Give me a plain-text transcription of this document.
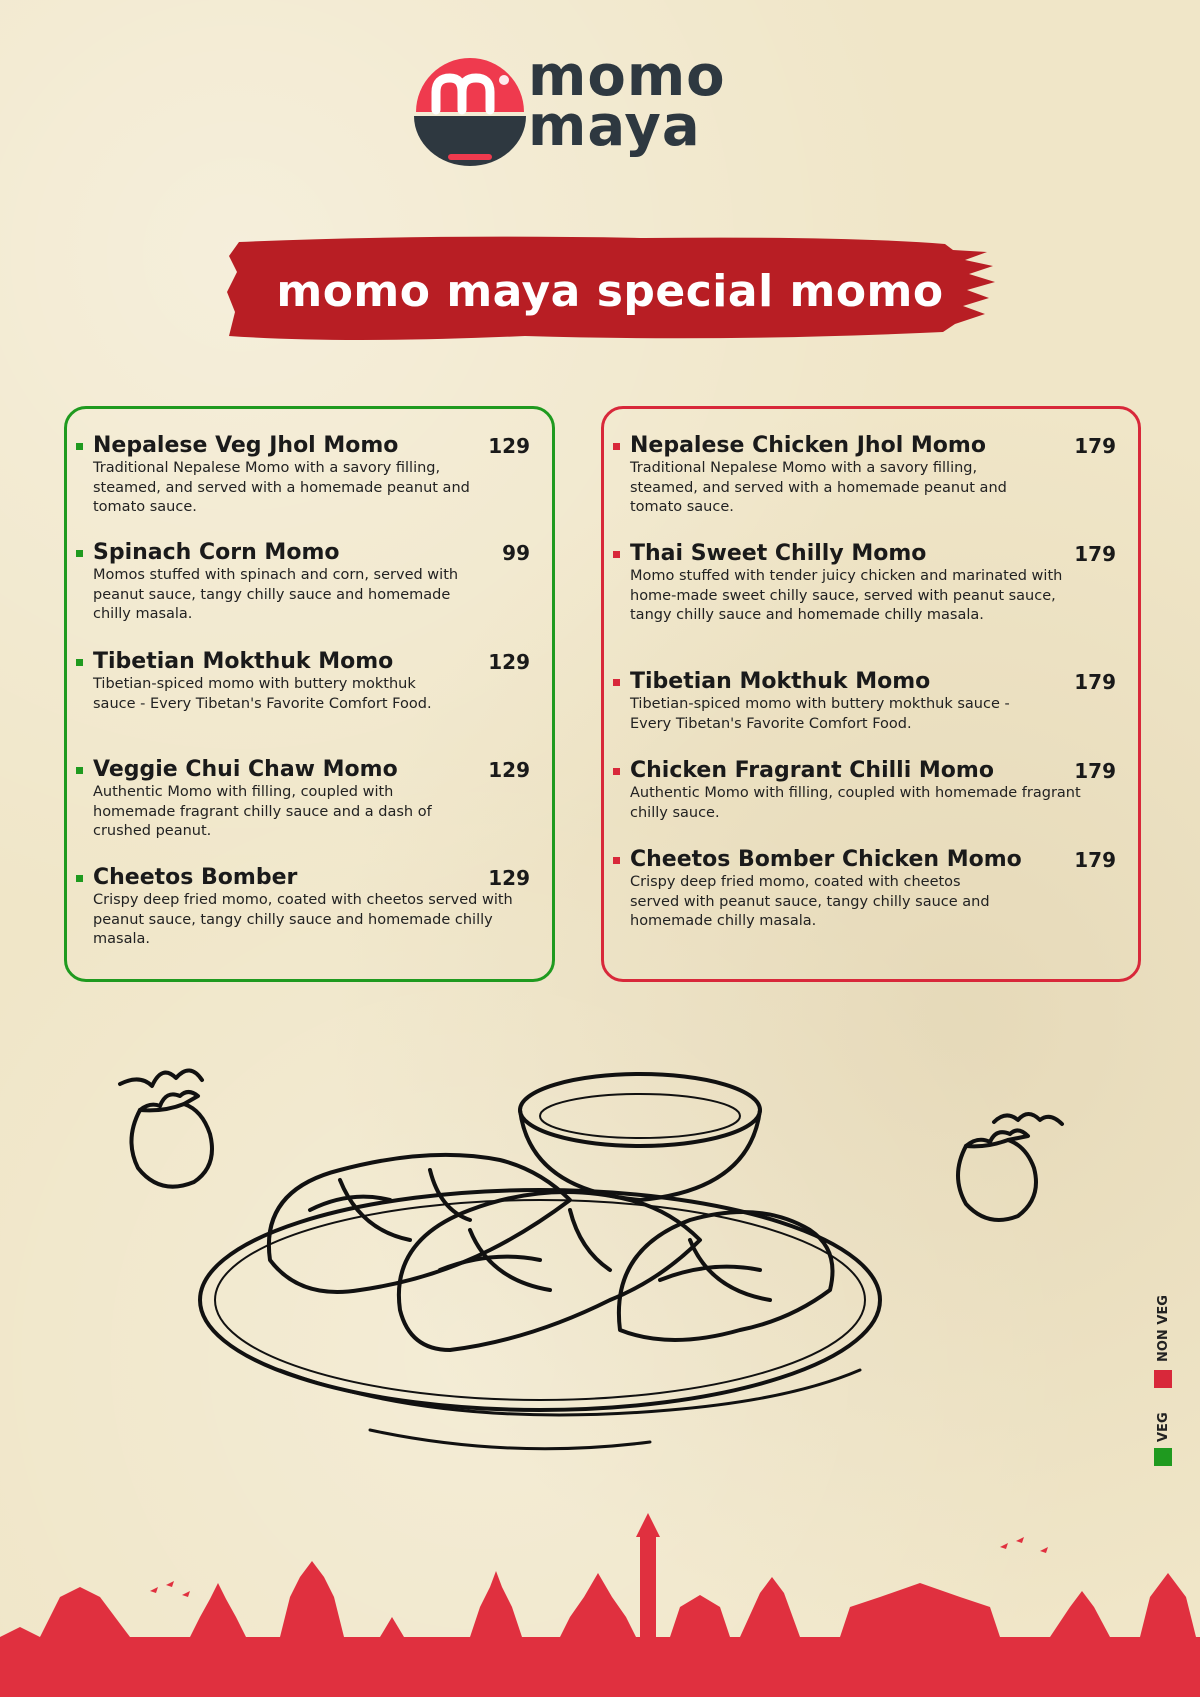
momo
maya
momo maya special momo
Nepalese Veg Jhol Momo	129
Traditional Nepalese Momo with a savory filling, steamed, and served with a homemade peanut and tomato sauce.
Spinach Corn Momo	99
Momos stuffed with spinach and corn, served with peanut sauce, tangy chilly sauce and homemade chilly masala.
Tibetian Mokthuk Momo	129
Tibetian-spiced momo with buttery mokthuk sauce - Every Tibetan's Favorite Comfort Food.
Veggie Chui Chaw Momo	129
Authentic Momo with filling, coupled with homemade fragrant chilly sauce and a dash of crushed peanut.
Cheetos Bomber	129
Crispy deep fried momo, coated with cheetos served with peanut sauce, tangy chilly sauce and homemade chilly masala.
Nepalese Chicken Jhol Momo	179
Traditional Nepalese Momo with a savory filling, steamed, and served with a homemade peanut and tomato sauce.
Thai Sweet Chilly Momo	179
Momo stuffed with tender juicy chicken and marinated with home-made sweet chilly sauce, served with peanut sauce, tangy chilly sauce and homemade chilly masala.
Tibetian Mokthuk Momo	179
Tibetian-spiced momo with buttery mokthuk sauce - Every Tibetan's Favorite Comfort Food.
Chicken Fragrant Chilli Momo	179
Authentic Momo with filling, coupled with homemade fragrant chilly sauce.
Cheetos Bomber Chicken Momo	179
Crispy deep fried momo, coated with cheetos served with peanut sauce, tangy chilly sauce and homemade chilly masala.
NON VEG
VEG
